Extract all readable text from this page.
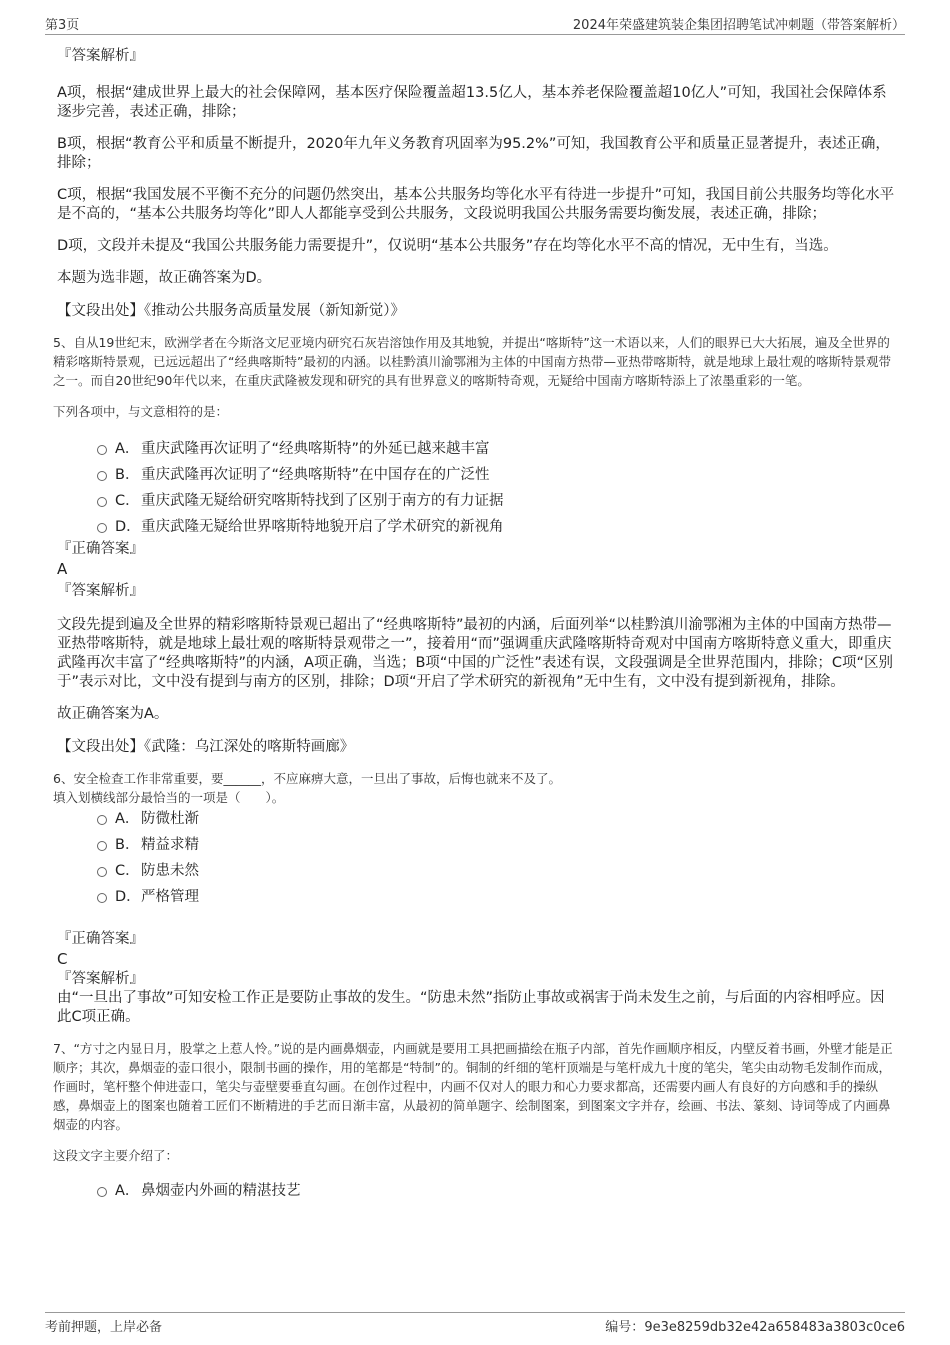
第3页	2024年荣盛建筑装企集团招聘笔试冲刺题（带答案解析）
『答案解析』

A项，根据“建成世界上最大的社会保障网，基本医疗保险覆盖超13.5亿人，基本养老保险覆盖超10亿人”可知，我国社会保障体系逐步完善，表述正确，排除；

B项，根据“教育公平和质量不断提升，2020年九年义务教育巩固率为95.2%”可知，我国教育公平和质量正显著提升，表述正确，排除；

C项，根据“我国发展不平衡不充分的问题仍然突出，基本公共服务均等化水平有待进一步提升”可知，我国目前公共服务均等化水平是不高的，“基本公共服务均等化”即人人都能享受到公共服务，文段说明我国公共服务需要均衡发展，表述正确，排除；

D项，文段并未提及“我国公共服务能力需要提升”，仅说明“基本公共服务”存在均等化水平不高的情况，无中生有，当选。

本题为选非题，故正确答案为D。

【文段出处】《推动公共服务高质量发展（新知新觉）》

5、自从19世纪末，欧洲学者在今斯洛文尼亚境内研究石灰岩溶蚀作用及其地貌，并提出“喀斯特”这一术语以来，人们的眼界已大大拓展，遍及全世界的精彩喀斯特景观，已远远超出了“经典喀斯特”最初的内涵。以桂黔滇川渝鄂湘为主体的中国南方热带—亚热带喀斯特，就是地球上最壮观的喀斯特景观带之一。而自20世纪90年代以来，在重庆武隆被发现和研究的具有世界意义的喀斯特奇观，无疑给中国南方喀斯特添上了浓墨重彩的一笔。

下列各项中，与文意相符的是：

A． 重庆武隆再次证明了“经典喀斯特”的外延已越来越丰富
B． 重庆武隆再次证明了“经典喀斯特”在中国存在的广泛性
C． 重庆武隆无疑给研究喀斯特找到了区别于南方的有力证据
D． 重庆武隆无疑给世界喀斯特地貌开启了学术研究的新视角
『正确答案』

A

『答案解析』

文段先提到遍及全世界的精彩喀斯特景观已超出了“经典喀斯特”最初的内涵，后面列举“以桂黔滇川渝鄂湘为主体的中国南方热带—亚热带喀斯特，就是地球上最壮观的喀斯特景观带之一”，接着用“而”强调重庆武隆喀斯特奇观对中国南方喀斯特意义重大，即重庆武隆再次丰富了“经典喀斯特”的内涵，A项正确，当选；B项“中国的广泛性”表述有误，文段强调是全世界范围内，排除；C项“区别于”表示对比，文中没有提到与南方的区别，排除；D项“开启了学术研究的新视角”无中生有，文中没有提到新视角，排除。

故正确答案为A。

【文段出处】《武隆：乌江深处的喀斯特画廊》

6、安全检查工作非常重要，要______，不应麻痹大意，一旦出了事故，后悔也就来不及了。

填入划横线部分最恰当的一项是（　　）。

A． 防微杜渐
B． 精益求精
C． 防患未然
D． 严格管理
『正确答案』

C

『答案解析』

由“一旦出了事故”可知安检工作正是要防止事故的发生。“防患未然”指防止事故或祸害于尚未发生之前，与后面的内容相呼应。因此C项正确。

7、“方寸之内显日月，股掌之上惹人怜。”说的是内画鼻烟壶，内画就是要用工具把画描绘在瓶子内部，首先作画顺序相反，内壁反着书画，外壁才能是正顺序；其次，鼻烟壶的壶口很小，限制书画的操作，用的笔都是“特制”的。铜制的纤细的笔杆顶端是与笔杆成九十度的笔尖，笔尖由动物毛发制作而成，作画时，笔杆整个伸进壶口，笔尖与壶壁要垂直勾画。在创作过程中，内画不仅对人的眼力和心力要求都高，还需要内画人有良好的方向感和手的操纵感，鼻烟壶上的图案也随着工匠们不断精进的手艺而日渐丰富，从最初的简单题字、绘制图案，到图案文字并存，绘画、书法、篆刻、诗词等成了内画鼻烟壶的内容。

这段文字主要介绍了：

A． 鼻烟壶内外画的精湛技艺
考前押题，上岸必备	编号：9e3e8259db32e42a658483a3803c0ce6
